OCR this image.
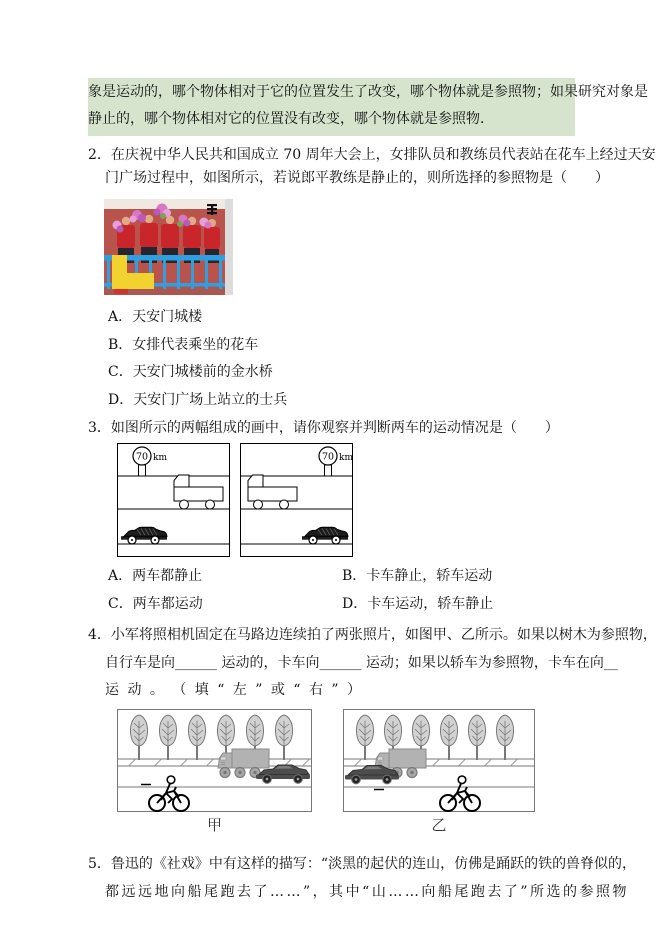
象是运动的，哪个物体相对于它的位置发生了改变，哪个物体就是参照物；如果研究对象是
静止的，哪个物体相对它的位置没有改变，哪个物体就是参照物．
2．在庆祝中华人民共和国成立 70 周年大会上，女排队员和教练员代表站在花车上经过天安
门广场过程中，如图所示，若说郎平教练是静止的，则所选择的参照物是（　　）
A．天安门城楼
B．女排代表乘坐的花车
C．天安门城楼前的金水桥
D．天安门广场上站立的士兵
3．如图所示的两幅组成的画中，请你观察并判断两车的运动情况是（　　）
70 km	70 km
A．两车都静止	B．卡车静止，轿车运动
C．两车都运动	D．卡车运动，轿车静止
4．小军将照相机固定在马路边连续拍了两张照片，如图甲、乙所示。如果以树木为参照物，
自行车是向______ 运动的，卡车向______ 运动；如果以轿车为参照物，卡车在向__
运 动 。 （ 填 “ 左 ” 或 “ 右 ” ）
甲	乙
5．鲁迅的《社戏》中有这样的描写：“淡黑的起伏的连山，仿佛是踊跃的铁的兽脊似的，
都远远地向船尾跑去了……”，其中“山……向船尾跑去了”所选的参照物
